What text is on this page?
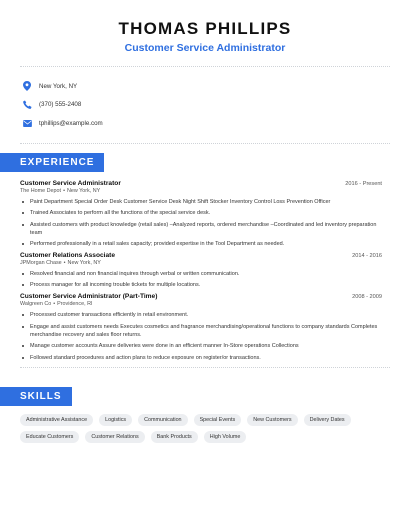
THOMAS PHILLIPS
Customer Service Administrator
New York, NY
(370) 555-2408
tphillips@example.com
EXPERIENCE
Customer Service Administrator	2016 - Present
The Home Depot • New York, NY
Paint Department Special Order Desk Customer Service Desk Night Shift Stocker Inventory Control Loss Prevention Officer
Trained Associates to perform all the functions of the special service desk.
Assisted customers with product knowledge (retail sales) –Analyzed reports, ordered merchandise –Coordinated and led inventory preparation team
Performed professionally in a retail sales capacity; provided expertise in the Tool Department as needed.
Customer Relations Associate	2014 - 2016
JPMorgan Chase • New York, NY
Resolved financial and non financial inquires through verbal or written communication.
Process manager for all incoming trouble tickets for multiple locations.
Customer Service Administrator (Part-Time)	2008 - 2009
Walgreen Co • Providence, RI
Processed customer transactions efficiently in retail environment.
Engage and assist customers needs Executes cosmetics and fragrance merchandising/operational functions to company standards Completes merchandise recovery and sales floor returns.
Manage customer accounts Assure deliveries were done in an efficient manner In-Store operations Collections
Followed standard procedures and action plans to reduce exposure on register/or transactions.
SKILLS
Administrative Assistance	Logistics	Communication	Special Events	New Customers	Delivery Dates
Educate Customers	Customer Relations	Bank Products	High Volume
